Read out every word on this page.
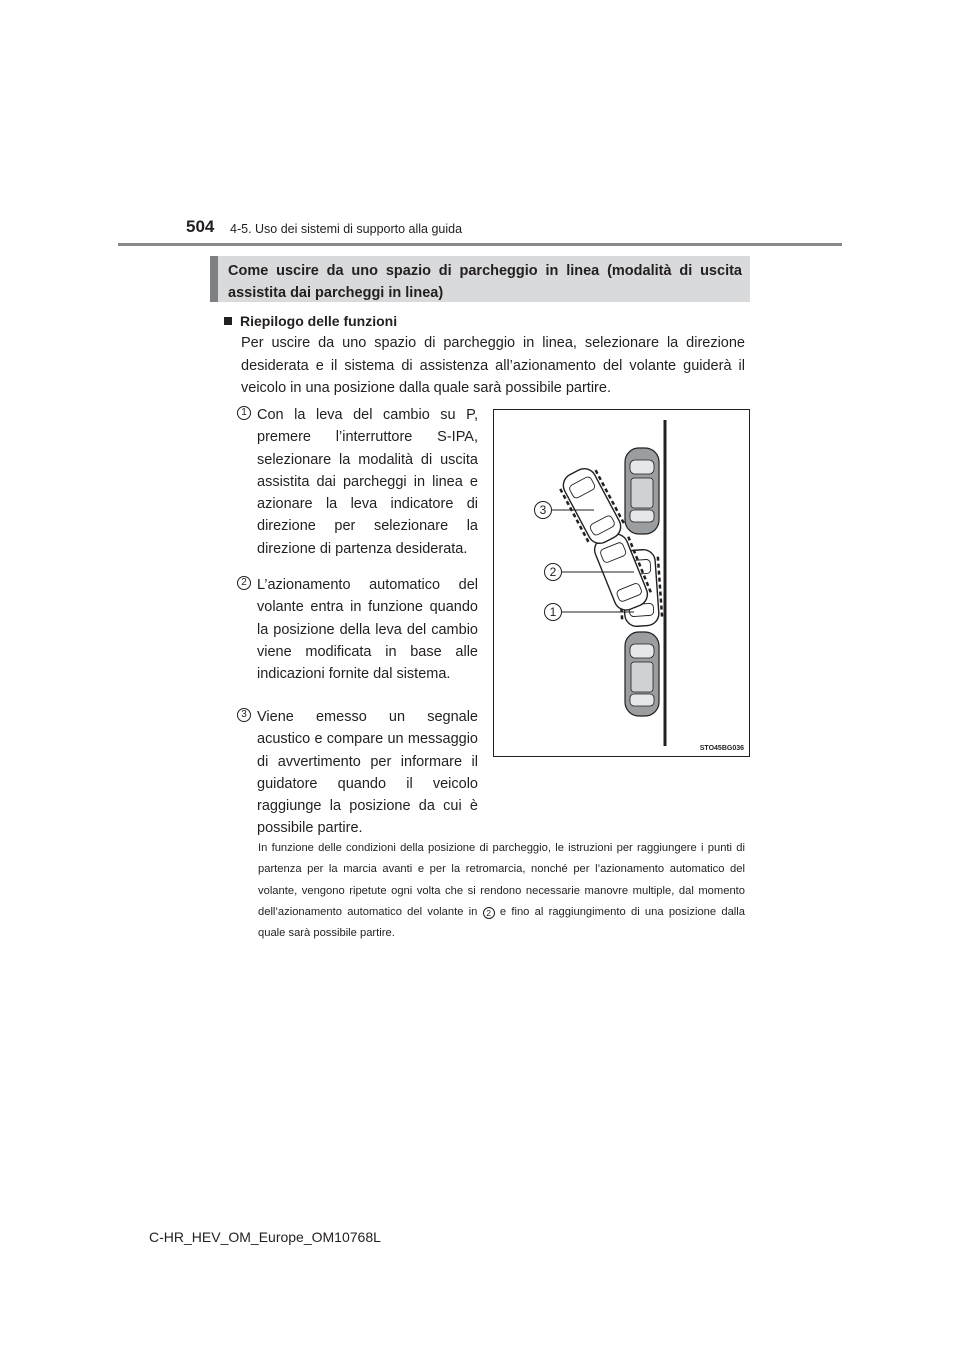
504 4-5. Uso dei sistemi di supporto alla guida
Come uscire da uno spazio di parcheggio in linea (modalità di uscita assistita dai parcheggi in linea)
Riepilogo delle funzioni

Per uscire da uno spazio di parcheggio in linea, selezionare la direzione desiderata e il sistema di assistenza all’azionamento del volante guiderà il veicolo in una posizione dalla quale sarà possibile partire.

1 Con la leva del cambio su P, premere l’interruttore S-IPA, selezionare la modalità di uscita assistita dai parcheggi in linea e azionare la leva indicatore di direzione per selezionare la direzione di partenza desiderata.

2 L’azionamento automatico del volante entra in funzione quando la posizione della leva del cambio viene modificata in base alle indicazioni fornite dal sistema.

3 Viene emesso un segnale acustico e compare un messaggio di avvertimento per informare il guidatore quando il veicolo raggiunge la posizione da cui è possibile partire.

3
2
1
STO45BG036

In funzione delle condizioni della posizione di parcheggio, le istruzioni per raggiungere i punti di partenza per la marcia avanti e per la retromarcia, nonché per l’azionamento automatico del volante, vengono ripetute ogni volta che si rendono necessarie manovre multiple, dal momento dell’azionamento automatico del volante in 2 e fino al raggiungimento di una posizione dalla quale sarà possibile partire.

C-HR_HEV_OM_Europe_OM10768L
